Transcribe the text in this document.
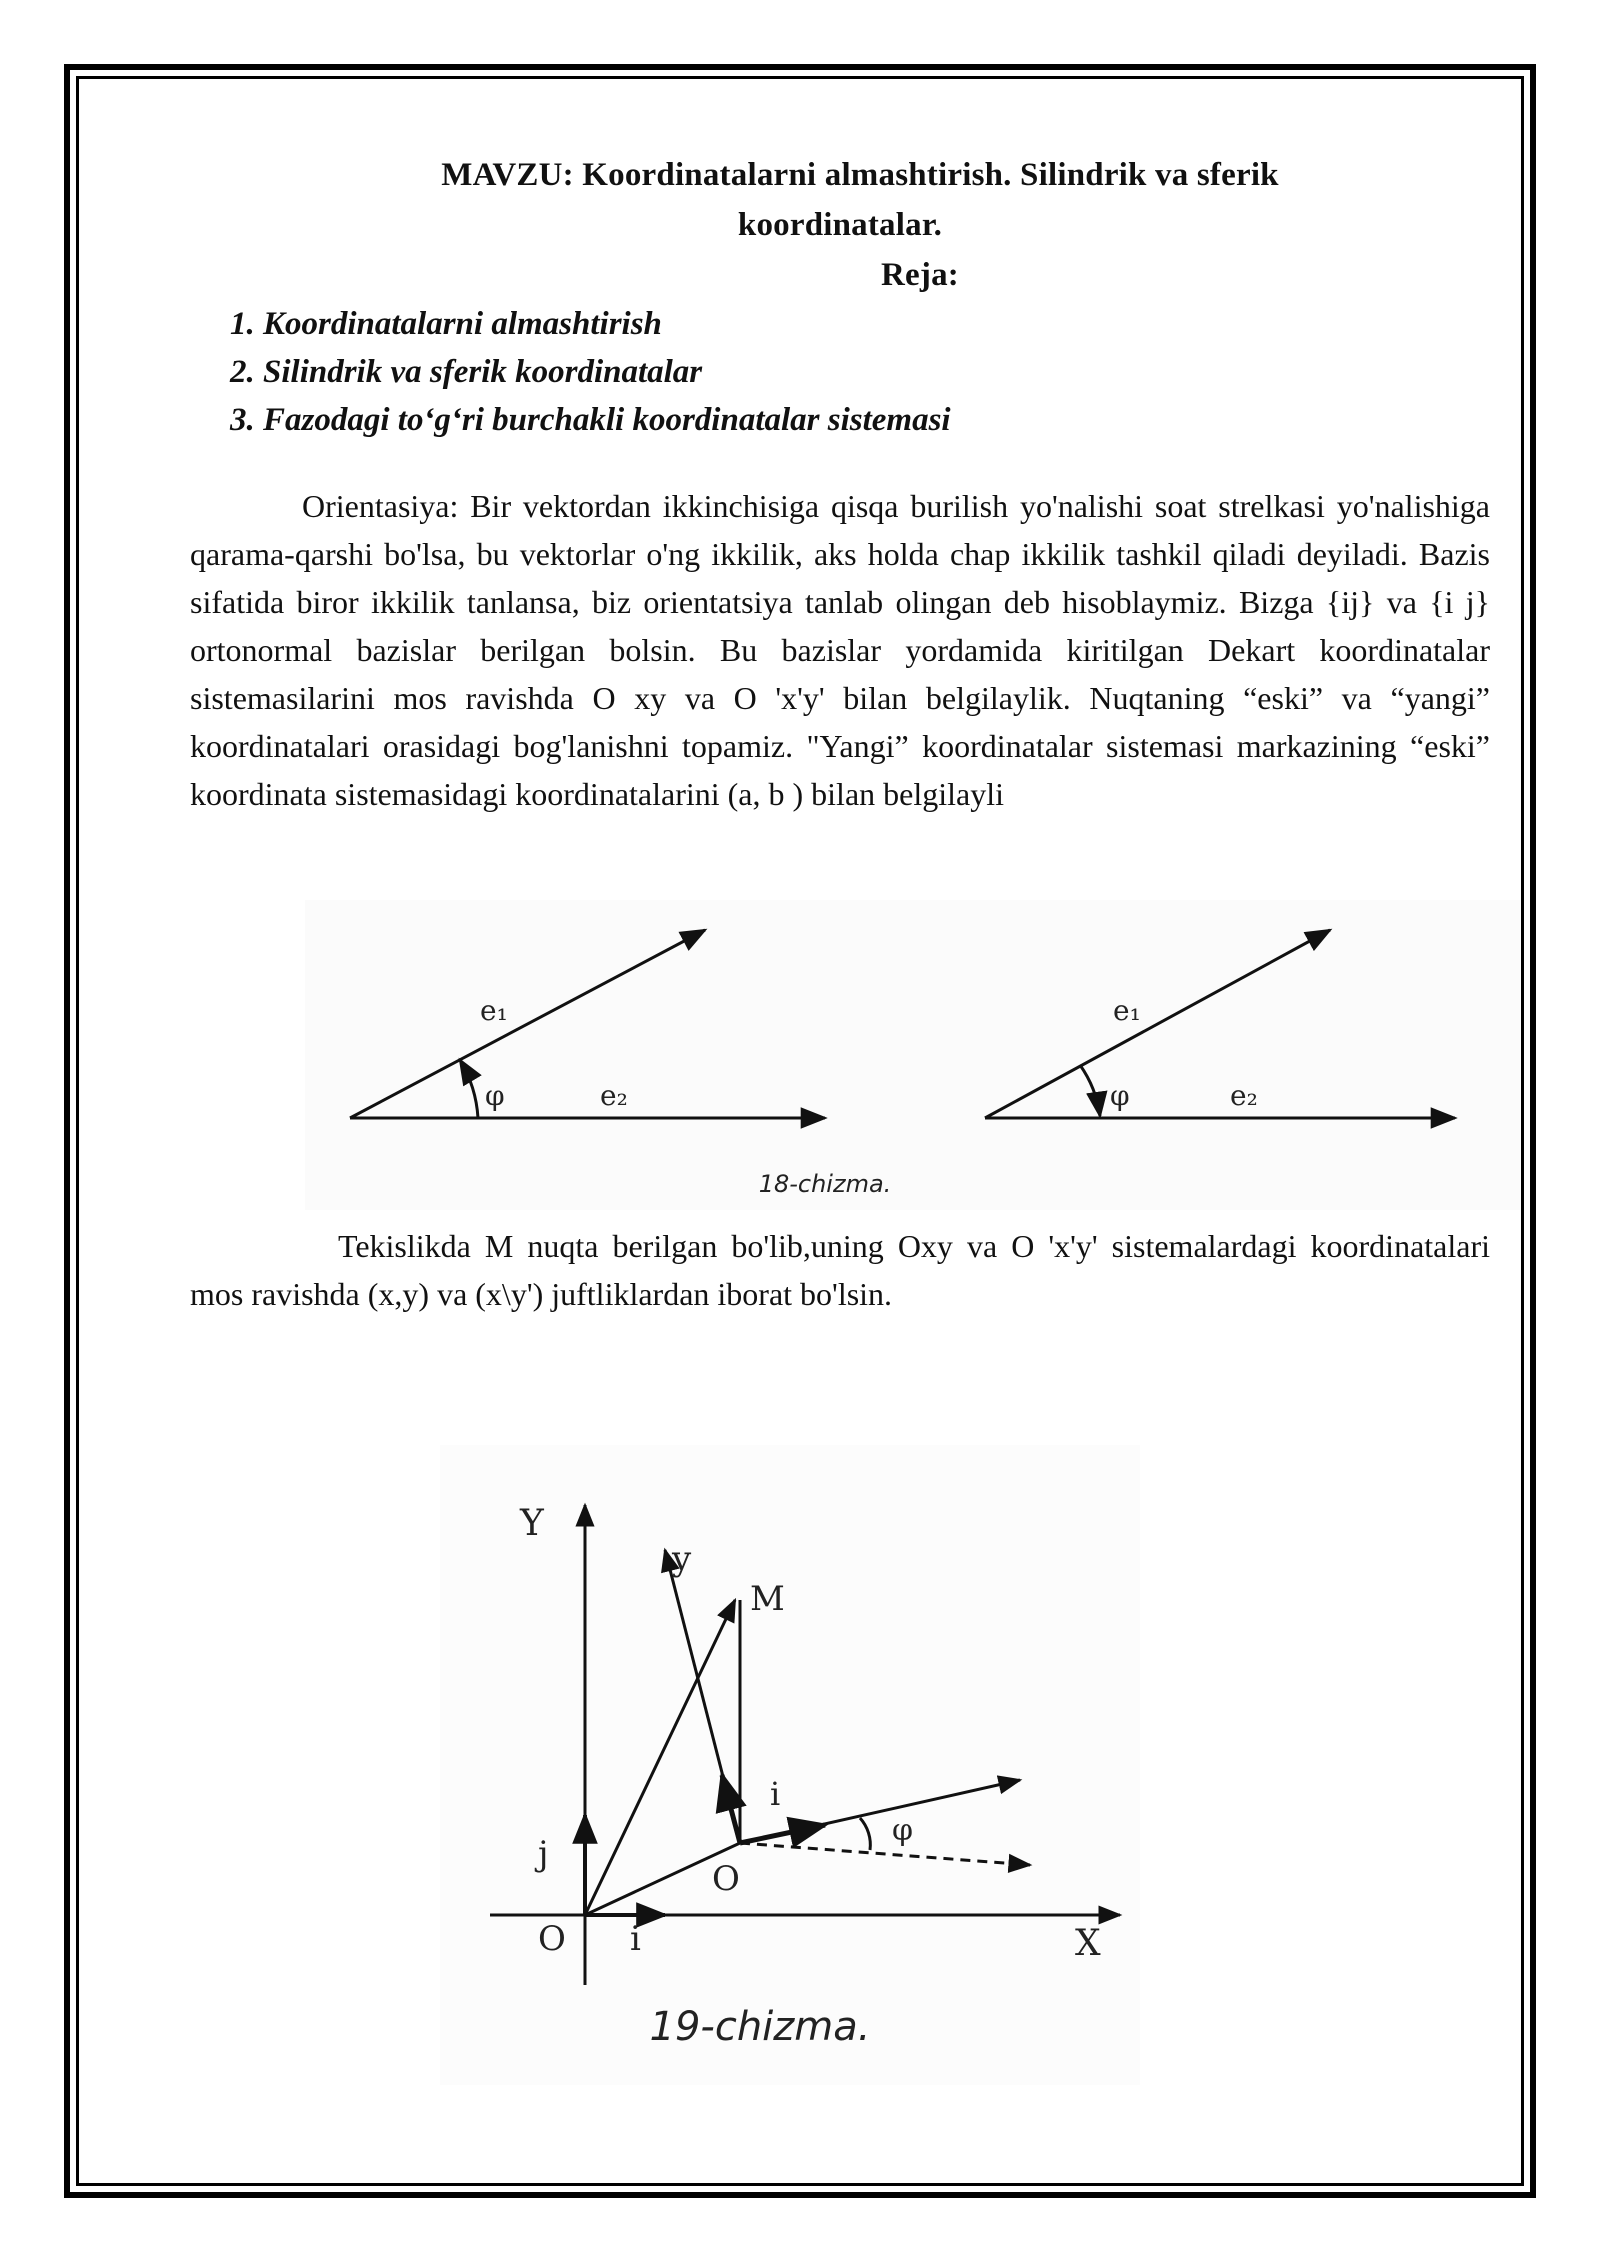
MAVZU: Koordinatalarni almashtirish. Silindrik va sferik
koordinatalar.
Reja:
1. Koordinatalarni almashtirish
2. Silindrik va sferik koordinatalar
3. Fazodagi to‘g‘ri burchakli koordinatalar sistemasi

Orientasiya: Bir vektordan ikkinchisiga qisqa burilish yo'nalishi soat strelkasi yo'nalishiga qarama-qarshi bo'lsa, bu vektorlar o'ng ikkilik, aks holda chap ikkilik tashkil qiladi deyiladi. Bazis sifatida biror ikkilik tanlansa, biz orientatsiya tanlab olingan deb hisoblaymiz. Bizga {ij} va {i j} ortonormal bazislar berilgan bolsin. Bu bazislar yordamida kiritilgan Dekart koordinatalar sistemasilarini mos ravishda O xy va O 'x'y' bilan belgilaylik. Nuqtaning “eski” va “yangi” koordinatalari orasidagi bog'lanishni topamiz. "Yangi” koordinatalar sistemasi markazining “eski” koordinata sistemasidagi koordinatalarini (a, b ) bilan belgilayli

e₁
φ	e₂
e₁
φ	e₂
18-chizma.

Tekislikda M nuqta berilgan bo'lib,uning Oxy va O 'x'y' sistemalardagi koordinatalari mos ravishda (x,y) va (x\y') juftliklardan iborat bo'lsin.

Y
y
M
i
φ
j
O
O i	X
19-chizma.
